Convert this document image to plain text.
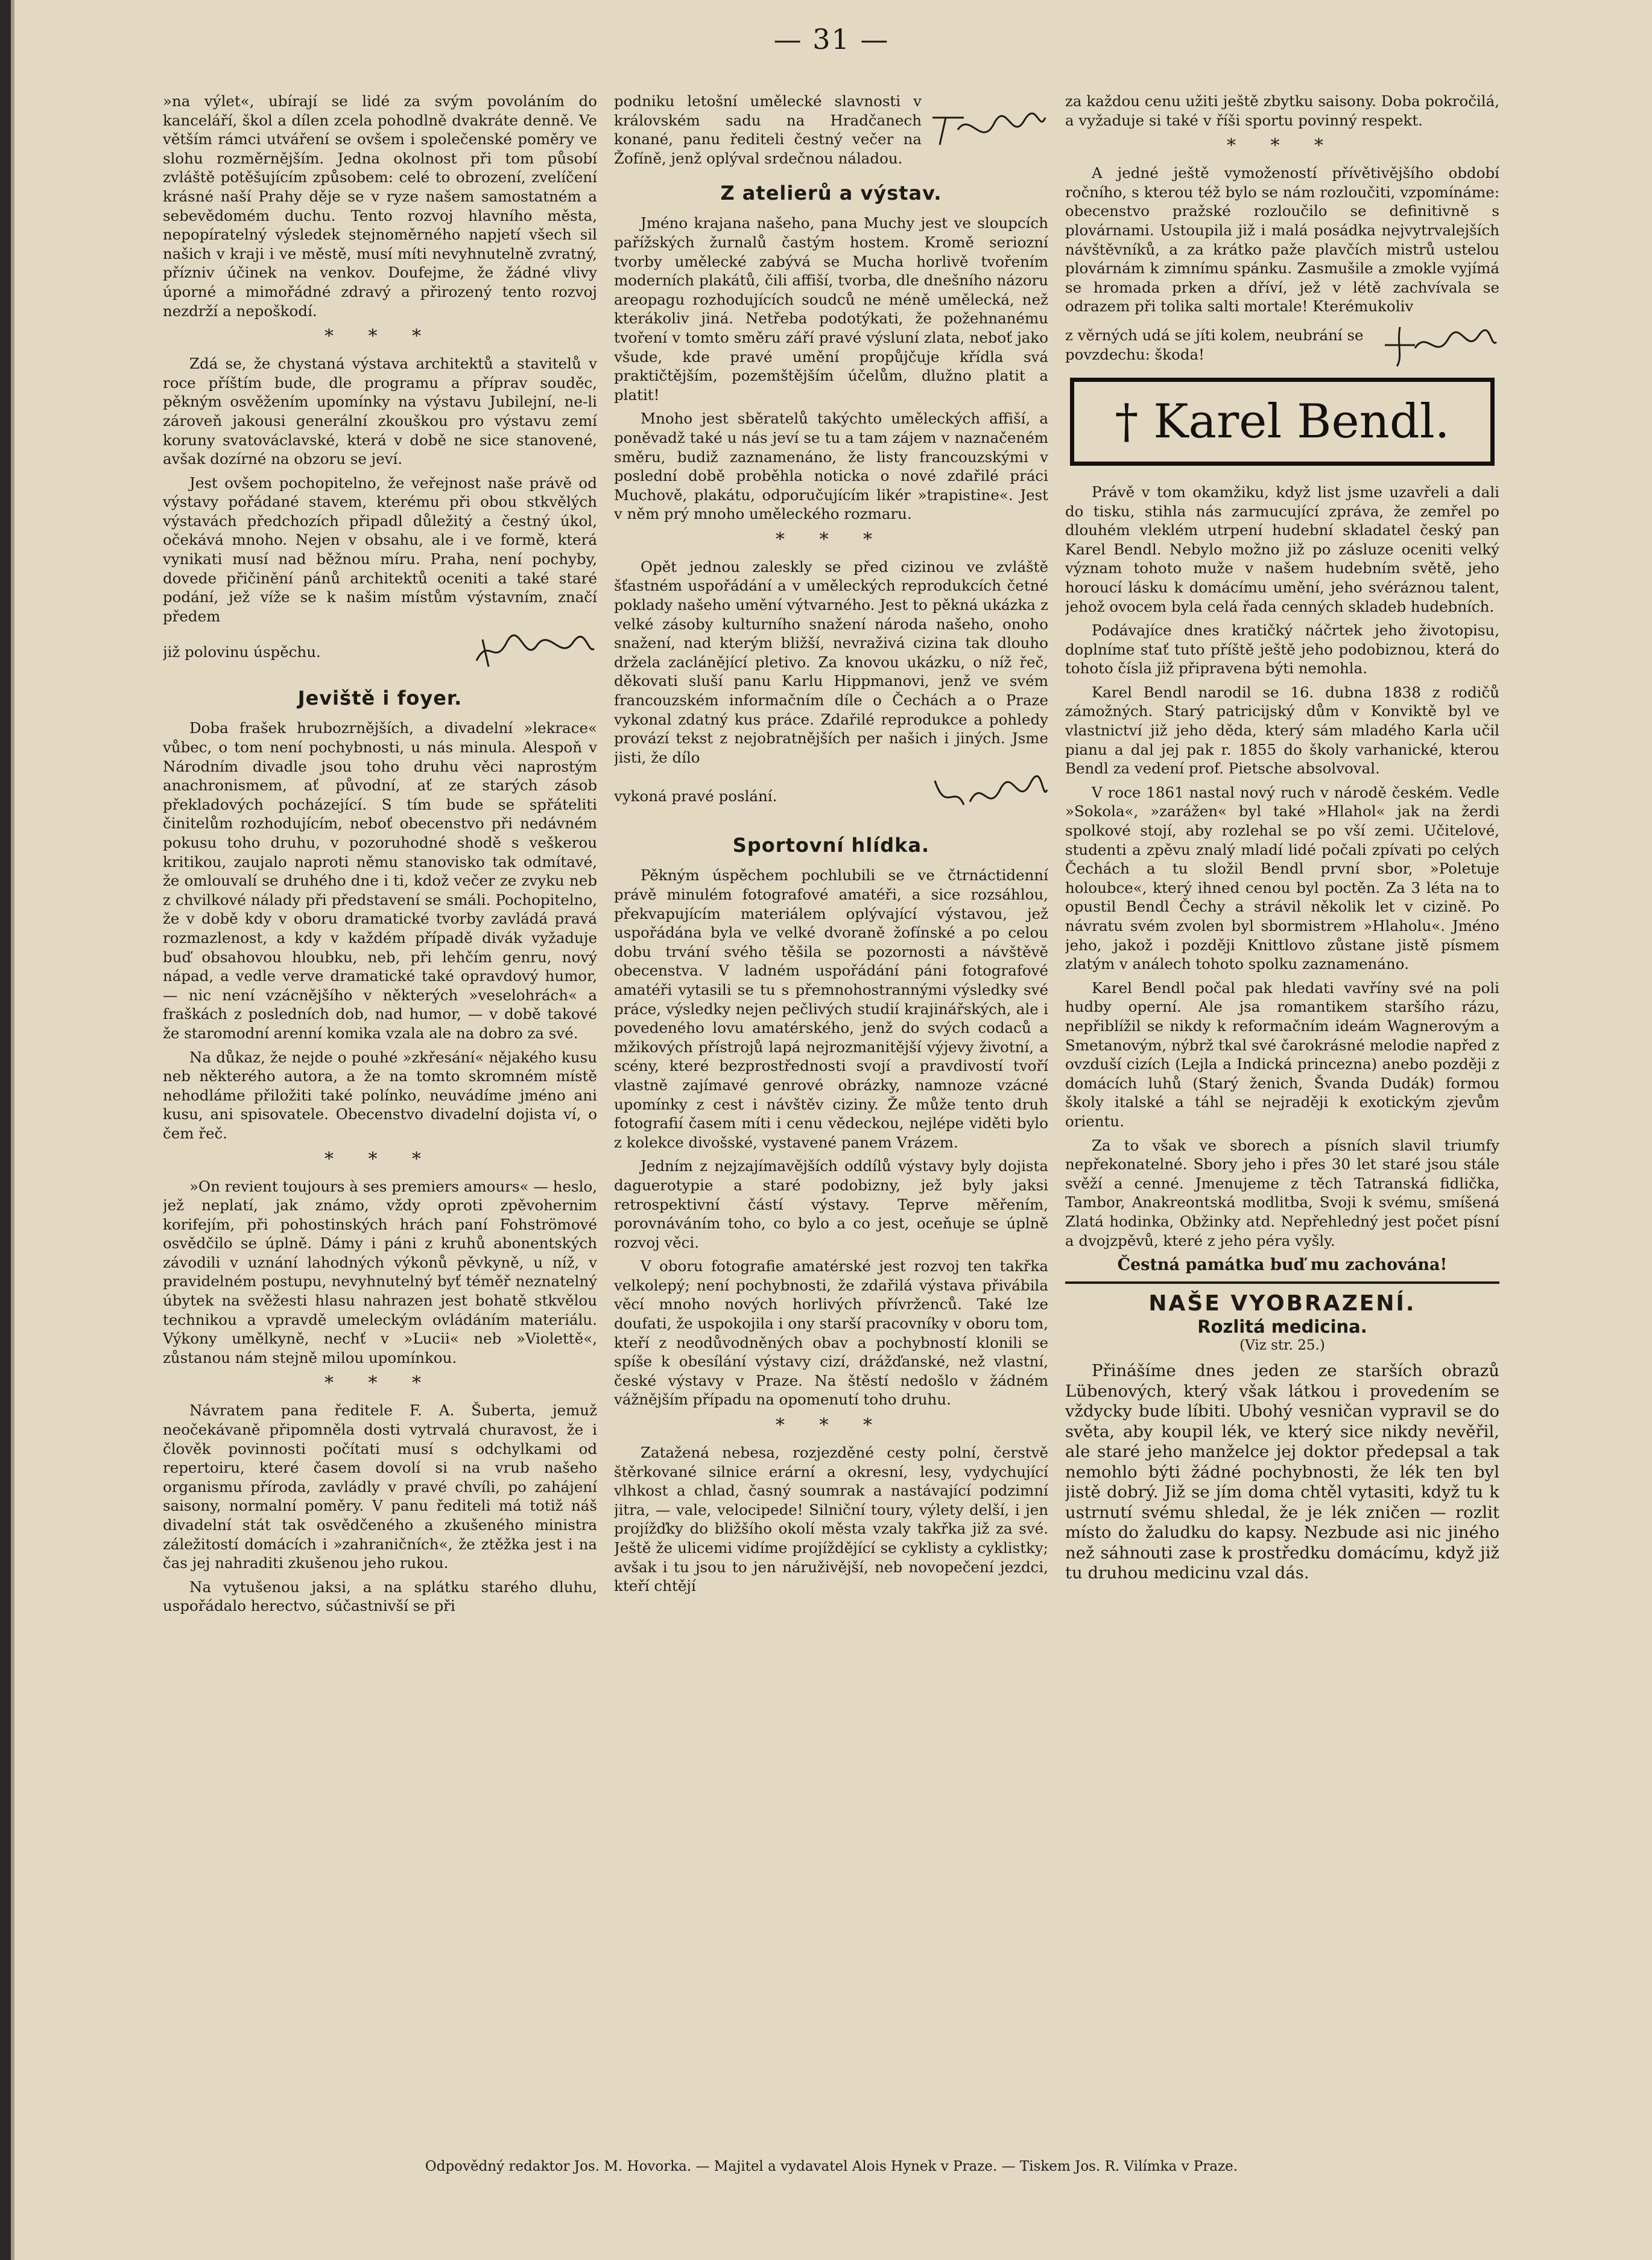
— 31 —

»na výlet«, ubírají se lidé za svým povoláním do kanceláří, škol a dílen zcela pohodlně dvakráte denně. Ve větším rámci utváření se ovšem i společenské poměry ve slohu rozměrnějším. Jedna okolnost při tom působí zvláště potěšujícím způsobem: celé to obrození, zvelíčení krásné naší Prahy děje se v ryze našem samostatném a sebevědomém duchu. Tento rozvoj hlavního města, nepopíratelný výsledek stejnoměrného napjetí všech sil našich v kraji i ve městě, musí míti nevyhnutelně zvratný, přízniv účinek na venkov. Doufejme, že žádné vlivy úporné a mimořádné zdravý a přirozený tento rozvoj nezdrží a nepoškodí.

* * *

Zdá se, že chystaná výstava architektů a stavitelů v roce příštím bude, dle programu a příprav souděc, pěkným osvěžením upomínky na výstavu Jubilejní, ne-li zároveň jakousi generální zkouškou pro výstavu zemí koruny svatováclavské, která v době ne sice stanovené, avšak dozírné na obzoru se jeví.

Jest ovšem pochopitelno, že veřejnost naše právě od výstavy pořádané stavem, kterému při obou stkvělých výstavách předchozích připadl důležitý a čestný úkol, očekává mnoho. Nejen v obsahu, ale i ve formě, která vynikati musí nad běžnou míru. Praha, není pochyby, dovede přičinění pánů architektů oceniti a také staré podání, jež víže se k našim místům výstavním, značí předem

již polovinu úspěchu.
Jeviště i foyer.

Doba frašek hrubozrnějších, a divadelní »lekrace« vůbec, o tom není pochybnosti, u nás minula. Alespoň v Národním divadle jsou toho druhu věci naprostým anachronismem, ať původní, ať ze starých zásob překladových pocházející. S tím bude se spřáteliti činitelům rozhodujícím, neboť obecenstvo při nedávném pokusu toho druhu, v pozoruhodné shodě s veškerou kritikou, zaujalo naproti němu stanovisko tak odmítavé, že omlouvalí se druhého dne i ti, kdož večer ze zvyku neb z chvilkové nálady při představení se smáli. Pochopitelno, že v době kdy v oboru dramatické tvorby zavládá pravá rozmazlenost, a kdy v každém případě divák vyžaduje buď obsahovou hloubku, neb, při lehčím genru, nový nápad, a vedle verve dramatické také opravdový humor, — nic není vzácnějšího v některých »veselohrách« a fraškách z posledních dob, nad humor, — v době takové že staromodní arenní komika vzala ale na dobro za své.

Na důkaz, že nejde o pouhé »zkřesání« nějakého kusu neb některého autora, a že na tomto skromném místě nehodláme přiložiti také polínko, neuvádíme jméno ani kusu, ani spisovatele. Obecenstvo divadelní dojista ví, o čem řeč.

* * *

»On revient toujours à ses premiers amours« — heslo, jež neplatí, jak známo, vždy oproti zpěvohernim korifejím, při pohostinských hrách paní Fohströmové osvědčilo se úplně. Dámy i páni z kruhů abonentských závodili v uznání lahodných výkonů pěvkyně, u níž, v pravidelném postupu, nevyhnutelný byť téměř neznatelný úbytek na svěžesti hlasu nahrazen jest bohatě stkvělou technikou a vpravdě umeleckým ovládáním materiálu. Výkony umělkyně, nechť v »Lucii« neb »Violettě«, zůstanou nám stejně milou upomínkou.

* * *

Návratem pana ředitele F. A. Šuberta, jemuž neočekávaně připomněla dosti vytrvalá churavost, že i člověk povinnosti počítati musí s odchylkami od repertoiru, které časem dovolí si na vrub našeho organismu příroda, zavládly v pravé chvíli, po zahájení saisony, normalní poměry. V panu řediteli má totiž náš divadelní stát tak osvědčeného a zkušeného ministra záležitostí domácích i »zahraničních«, že ztěžka jest i na čas jej nahraditi zkušenou jeho rukou.

Na vytušenou jaksi, a na splátku starého dluhu, uspořádalo herectvo, súčastnivší se při

podniku letošní umělecké slavnosti v královském sadu na Hradčanech konané, panu řediteli čestný večer na Žofíně, jenž oplýval srdečnou náladou.
Z atelierů a výstav.

Jméno krajana našeho, pana Muchy jest ve sloupcích pařížských žurnalů častým hostem. Kromě seriozní tvorby umělecké zabývá se Mucha horlivě tvořením moderních plakátů, čili affiší, tvorba, dle dnešního názoru areopagu rozhodujících soudců ne méně umělecká, než kterákoliv jiná. Netřeba podotýkati, že požehnanému tvoření v tomto směru září pravé výsluní zlata, neboť jako všude, kde pravé umění propůjčuje křídla svá praktičtějším, pozemštějším účelům, dlužno platit a platit!

Mnoho jest sběratelů takýchto uměleckých affiší, a poněvadž také u nás jeví se tu a tam zájem v naznačeném směru, budiž zaznamenáno, že listy francouzskými v poslední době proběhla noticka o nové zdařilé práci Muchově, plakátu, odporučujícím likér »trapistine«. Jest v něm prý mnoho uměleckého rozmaru.

* * *

Opět jednou zaleskly se před cizinou ve zvláště šťastném uspořádání a v uměleckých reprodukcích četné poklady našeho umění výtvarného. Jest to pěkná ukázka z velké zásoby kulturního snažení národa našeho, onoho snažení, nad kterým bližší, nevraživá cizina tak dlouho držela zaclánějící pletivo. Za knovou ukázku, o níž řeč, děkovati sluší panu Karlu Hippmanovi, jenž ve svém francouzském informačním díle o Čechách a o Praze vykonal zdatný kus práce. Zdařilé reprodukce a pohledy provází tekst z nejobratnějších per našich i jiných. Jsme jisti, že dílo

vykoná pravé poslání.
Sportovní hlídka.

Pěkným úspěchem pochlubili se ve čtrnáctidenní právě minulém fotografové amatéři, a sice rozsáhlou, překvapujícím materiálem oplývající výstavou, jež uspořádána byla ve velké dvoraně žofínské a po celou dobu trvání svého těšila se pozornosti a návštěvě obecenstva. V ladném uspořádání páni fotografové amatéři vytasili se tu s přemnohostrannými výsledky své práce, výsledky nejen pečlivých studií krajinářských, ale i povedeného lovu amatérského, jenž do svých codaců a mžikových přístrojů lapá nejrozmanitější výjevy životní, a scény, které bezprostřednosti svojí a pravdivostí tvoří vlastně zajímavé genrové obrázky, namnoze vzácné upomínky z cest i návštěv ciziny. Že může tento druh fotografií časem míti i cenu vědeckou, nejlépe viděti bylo z kolekce divošské, vystavené panem Vrázem.

Jedním z nejzajímavějších oddílů výstavy byly dojista daguerotypie a staré podobizny, jež byly jaksi retrospektivní částí výstavy. Teprve měřením, porovnáváním toho, co bylo a co jest, oceňuje se úplně rozvoj věci.

V oboru fotografie amatérské jest rozvoj ten takřka velkolepý; není pochybnosti, že zdařilá výstava přivábila věcí mnoho nových horlivých přívrženců. Také lze doufati, že uspokojila i ony starší pracovníky v oboru tom, kteří z neodůvodněných obav a pochybností klonili se spíše k obesílání výstavy cizí, drážďanské, než vlastní, české výstavy v Praze. Na štěstí nedošlo v žádném vážnějším případu na opomenutí toho druhu.

* * *

Zatažená nebesa, rozjezděné cesty polní, čerstvě štěrkované silnice erární a okresní, lesy, vydychující vlhkost a chlad, časný soumrak a nastávající podzimní jitra, — vale, velocipede! Silniční toury, výlety delší, i jen projížďky do bližšího okolí města vzaly takřka již za své. Ještě že ulicemi vidíme projíždějící se cyklisty a cyklistky; avšak i tu jsou to jen náruživější, neb novopečení jezdci, kteří chtějí

za každou cenu užiti ještě zbytku saisony. Doba pokročilá, a vyžaduje si také v říši sportu povinný respekt.

* * *

A jedné ještě vymožeností přívětivějšího období ročního, s kterou též bylo se nám rozloučiti, vzpomínáme: obecenstvo pražské rozloučilo se definitivně s plovárnami. Ustoupila již i malá posádka nejvytrvalejších návštěvníků, a za krátko paže plavčích mistrů ustelou plovárnám k zimnímu spánku. Zasmušile a zmokle vyjímá se hromada prken a dříví, jež v létě zachvívala se odrazem při tolika salti mortale! Kterémukoliv

z věrných udá se jíti kolem, neubrání se povzdechu: škoda!
† Karel Bendl.

Právě v tom okamžiku, když list jsme uzavřeli a dali do tisku, stihla nás zarmucující zpráva, že zemřel po dlouhém vleklém utrpení hudební skladatel český pan Karel Bendl. Nebylo možno již po zásluze oceniti velký význam tohoto muže v našem hudebním světě, jeho horoucí lásku k domácímu umění, jeho svéráznou talent, jehož ovocem byla celá řada cenných skladeb hudebních.

Podávajíce dnes kratičký náčrtek jeho životopisu, doplníme stať tuto příště ještě jeho podobiznou, která do tohoto čísla již připravena býti nemohla.

Karel Bendl narodil se 16. dubna 1838 z rodičů zámožných. Starý patricijský dům v Konviktě byl ve vlastnictví již jeho děda, který sám mladého Karla učil pianu a dal jej pak r. 1855 do školy varhanické, kterou Bendl za vedení prof. Pietsche absolvoval.

V roce 1861 nastal nový ruch v národě českém. Vedle »Sokola«, »zarážen« byl také »Hlahol« jak na žerdi spolkové stojí, aby rozlehal se po vší zemi. Učitelové, studenti a zpěvu znalý mladí lidé počali zpívati po celých Čechách a tu složil Bendl první sbor, »Poletuje holoubce«, který ihned cenou byl poctěn. Za 3 léta na to opustil Bendl Čechy a strávil několik let v cizině. Po návratu svém zvolen byl sbormistrem »Hlaholu«. Jméno jeho, jakož i později Knittlovo zůstane jistě písmem zlatým v análech tohoto spolku zaznamenáno.

Karel Bendl počal pak hledati vavříny své na poli hudby operní. Ale jsa romantikem staršího rázu, nepřiblížil se nikdy k reformačním ideám Wagnerovým a Smetanovým, nýbrž tkal své čarokrásné melodie napřed z ovzduší cizích (Lejla a Indická princezna) anebo později z domácích luhů (Starý ženich, Švanda Dudák) formou školy italské a táhl se nejraději k exotickým zjevům orientu.

Za to však ve sborech a písních slavil triumfy nepřekonatelné. Sbory jeho i přes 30 let staré jsou stále svěží a cenné. Jmenujeme z těch Tatranská fidlička, Tambor, Anakreontská modlitba, Svoji k svému, smíšená Zlatá hodinka, Obžinky atd. Nepřehledný jest počet písní a dvojzpěvů, které z jeho péra vyšly.

Čestná památka buď mu zachována!
NAŠE VYOBRAZENÍ.
Rozlitá medicina.
(Viz str. 25.)

Přinášíme dnes jeden ze starších obrazů Lübenových, který však látkou i provedením se vždycky bude líbiti. Ubohý vesničan vypravil se do světa, aby koupil lék, ve který sice nikdy nevěřil, ale staré jeho manželce jej doktor předepsal a tak nemohlo býti žádné pochybnosti, že lék ten byl jistě dobrý. Již se jím doma chtěl vytasiti, když tu k ustrnutí svému shledal, že je lék zničen — rozlit místo do žaludku do kapsy. Nezbude asi nic jiného než sáhnouti zase k prostředku domácímu, když již tu druhou medicinu vzal dás.

Odpovědný redaktor Jos. M. Hovorka. — Majitel a vydavatel Alois Hynek v Praze. — Tiskem Jos. R. Vilímka v Praze.
